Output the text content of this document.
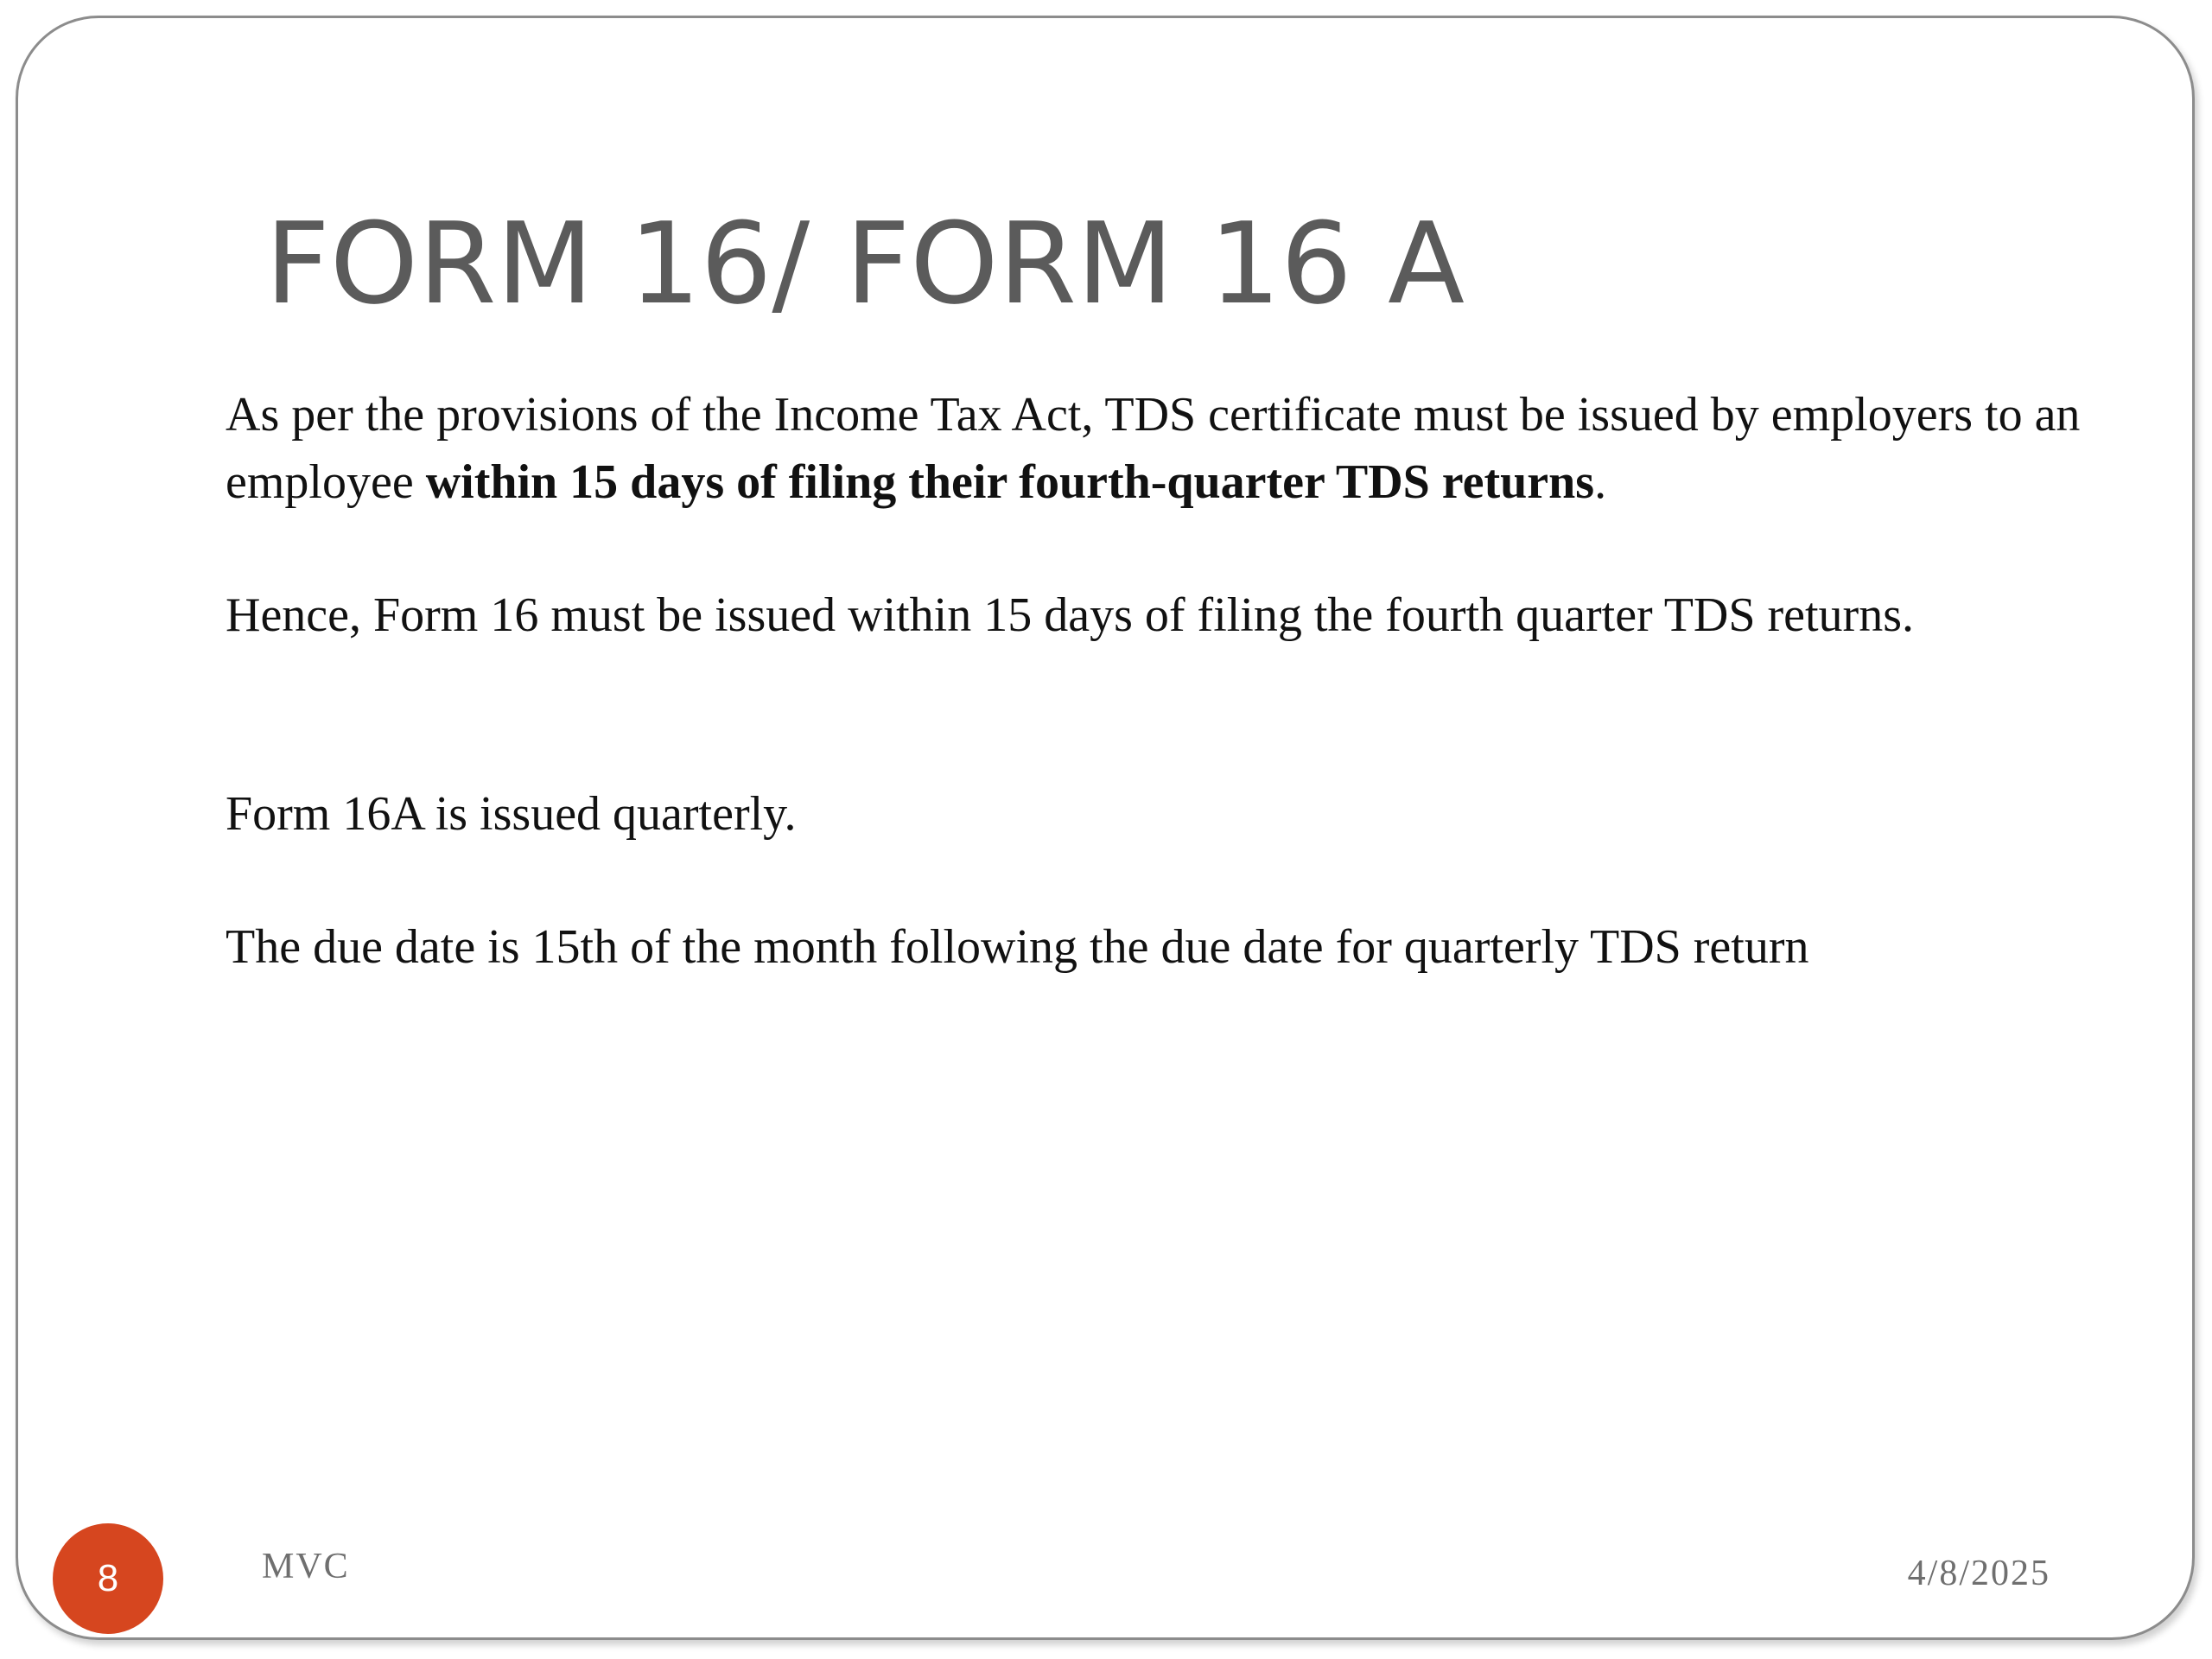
FORM 16/ FORM 16 A

As per the provisions of the Income Tax Act, TDS certificate must be issued by employers to an employee within 15 days of filing their fourth-quarter TDS returns.

Hence, Form 16 must be issued within 15 days of filing the fourth quarter TDS returns.

Form 16A is issued quarterly.

The due date is 15th of the month following the due date for quarterly TDS return

8	MVC	4/8/2025
